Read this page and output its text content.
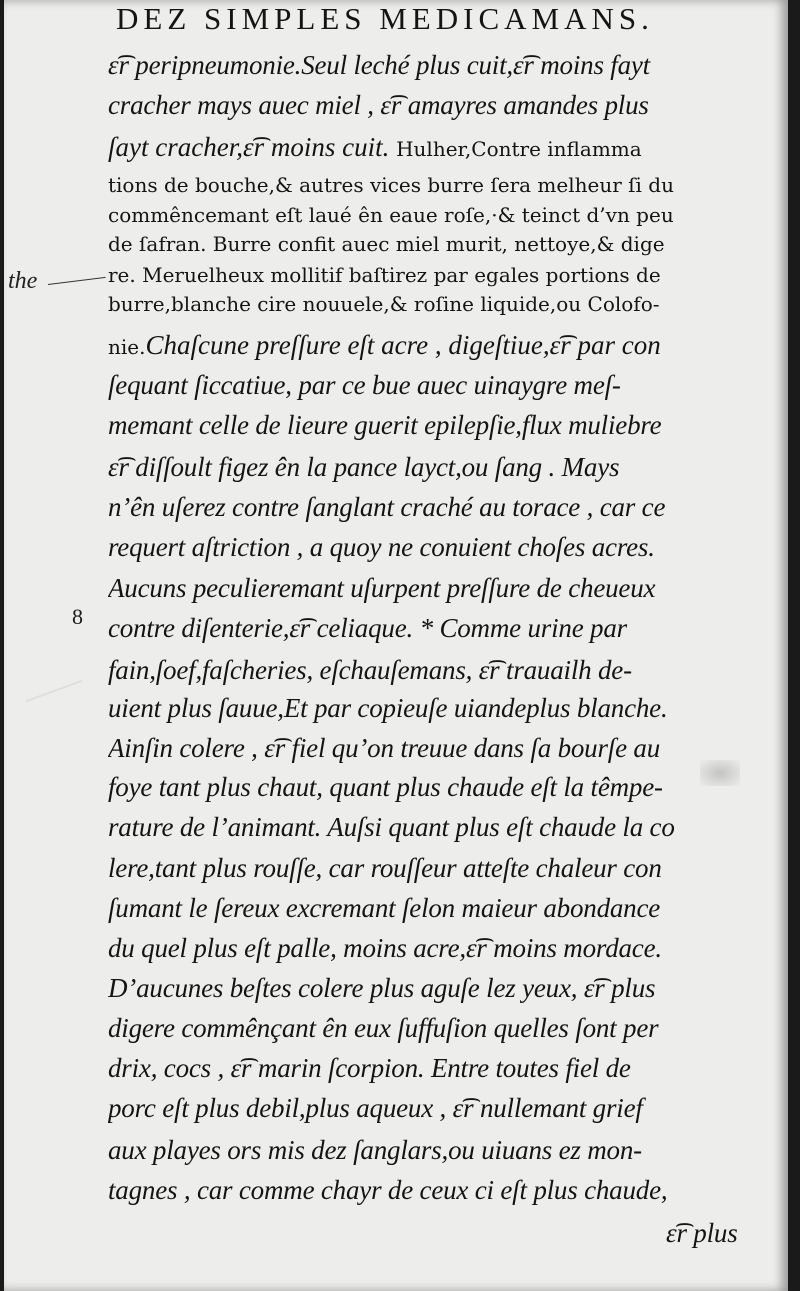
DEZ SIMPLES MEDICAMANS.
the
8
ɛ͡r peripneumonie.Seul leché plus cuit,ɛ͡r moins fayt
cracher mays auec miel , ɛ͡r amayres amandes plus
ſayt cracher,ɛ͡r moins cuit. Hulher,Contre inflamma
tions de bouche,& autres vices burre ſera melheur ſi du
commêncemant eſt laué ên eaue roſe,·& teinct d’vn peu
de ſafran. Burre confit auec miel murit, nettoye,& dige
re. Meruelheux mollitif baſtirez par egales portions de
burre,blanche cire nouuele,& roſine liquide,ou Colofo-
nie.Chaſcune preſſure eſt acre , digeſtiue,ɛ͡r par con
ſequant ſiccatiue, par ce bue auec uinaygre meſ-
memant celle de lieure guerit epilepſie,flux muliebre
ɛ͡r diſſoult figez ên la pance layct,ou ſang . Mays
n’ên uſerez contre ſanglant craché au torace , car ce
requert aſtriction , a quoy ne conuient choſes acres.
Aucuns peculieremant uſurpent preſſure de cheueux
contre diſenterie,ɛ͡r celiaque. * Comme urine par
fain,ſoef,faſcheries, eſchauſemans, ɛ͡r trauailh de-
uient plus ſauue,Et par copieuſe uiandeplus blanche.
Ainſin colere , ɛ͡r fiel qu’on treuue dans ſa bourſe au
foye tant plus chaut, quant plus chaude eſt la têmpe-
rature de l’animant. Auſsi quant plus eſt chaude la co
lere,tant plus rouſſe, car rouſſeur atteſte chaleur con
ſumant le ſereux excremant ſelon maieur abondance
du quel plus eſt palle, moins acre,ɛ͡r moins mordace.
D’aucunes beſtes colere plus aguſe lez yeux, ɛ͡r plus
digere commênçant ên eux ſuffuſion quelles ſont per
drix, cocs , ɛ͡r marin ſcorpion. Entre toutes fiel de
porc eſt plus debil,plus aqueux , ɛ͡r nullemant grief
aux playes ors mis dez ſanglars,ou uiuans ez mon-
tagnes , car comme chayr de ceux ci eſt plus chaude,
ɛ͡r plus
